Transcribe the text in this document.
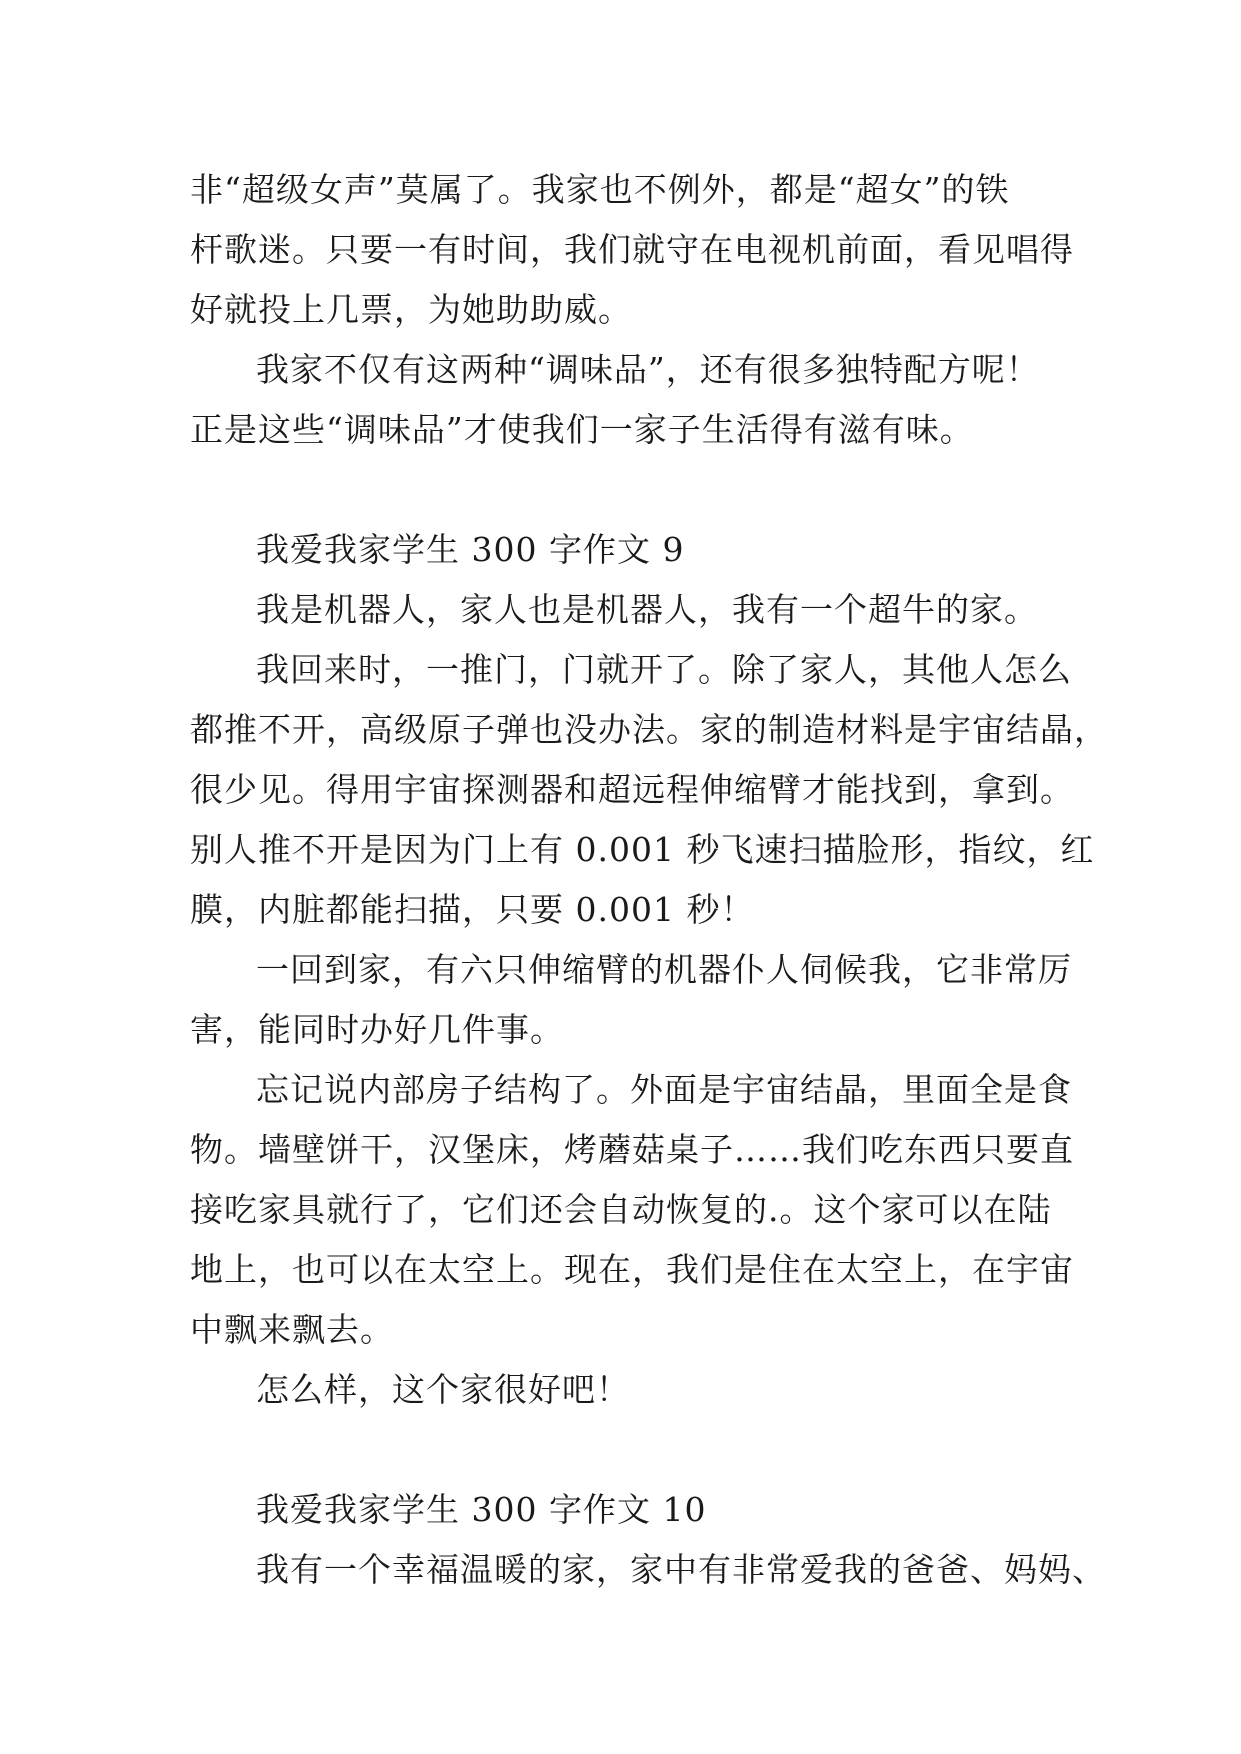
非“超级女声”莫属了。我家也不例外，都是“超女”的铁
杆歌迷。只要一有时间，我们就守在电视机前面，看见唱得
好就投上几票，为她助助威。
我家不仅有这两种“调味品”，还有很多独特配方呢！
正是这些“调味品”才使我们一家子生活得有滋有味。
我爱我家学生 300 字作文 9
我是机器人，家人也是机器人，我有一个超牛的家。
我回来时，一推门，门就开了。除了家人，其他人怎么
都推不开，高级原子弹也没办法。家的制造材料是宇宙结晶，
很少见。得用宇宙探测器和超远程伸缩臂才能找到，拿到。
别人推不开是因为门上有 0.001 秒飞速扫描脸形，指纹，红
膜，内脏都能扫描，只要 0.001 秒！
一回到家，有六只伸缩臂的机器仆人伺候我，它非常厉
害，能同时办好几件事。
忘记说内部房子结构了。外面是宇宙结晶，里面全是食
物。墙壁饼干，汉堡床，烤蘑菇桌子……我们吃东西只要直
接吃家具就行了，它们还会自动恢复的.。这个家可以在陆
地上，也可以在太空上。现在，我们是住在太空上，在宇宙
中飘来飘去。
怎么样，这个家很好吧！
我爱我家学生 300 字作文 10
我有一个幸福温暖的家，家中有非常爱我的爸爸、妈妈、
